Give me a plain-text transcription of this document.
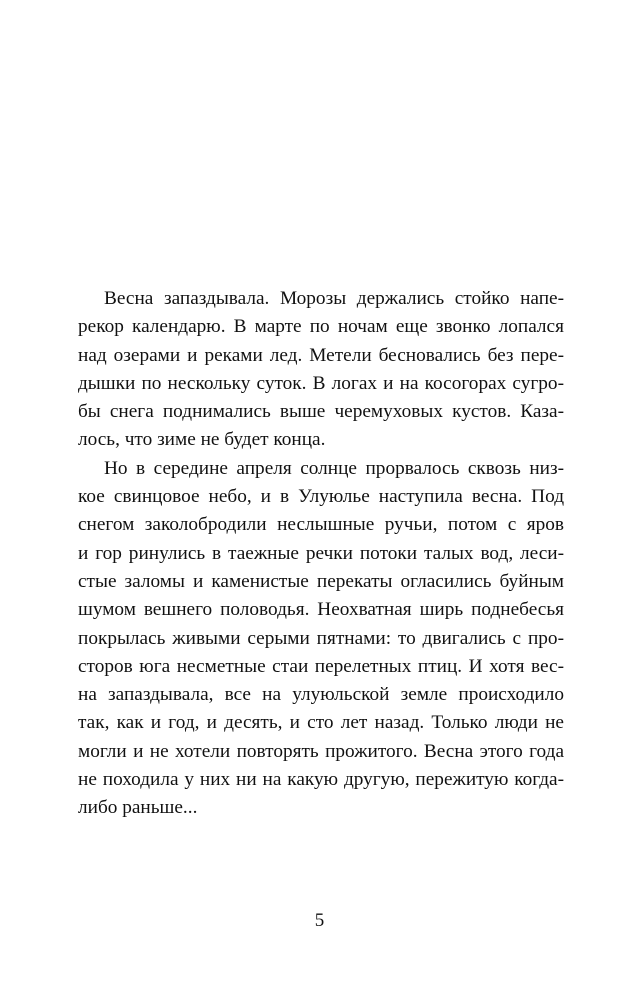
Весна запаздывала. Морозы держались стойко напе-
рекор календарю. В марте по ночам еще звонко лопался
над озерами и реками лед. Метели бесновались без пере-
дышки по нескольку суток. В логах и на косогорах сугро-
бы снега поднимались выше черемуховых кустов. Каза-
лось, что зиме не будет конца.
Но в середине апреля солнце прорвалось сквозь низ-
кое свинцовое небо, и в Улуюлье наступила весна. Под
снегом заколобродили неслышные ручьи, потом с яров
и гор ринулись в таежные речки потоки талых вод, леси-
стые заломы и каменистые перекаты огласились буйным
шумом вешнего половодья. Неохватная ширь поднебесья
покрылась живыми серыми пятнами: то двигались с про-
сторов юга несметные стаи перелетных птиц. И хотя вес-
на запаздывала, все на улуюльской земле происходило
так, как и год, и десять, и сто лет назад. Только люди не
могли и не хотели повторять прожитого. Весна этого года
не походила у них ни на какую другую, пережитую когда-
либо раньше...
5
